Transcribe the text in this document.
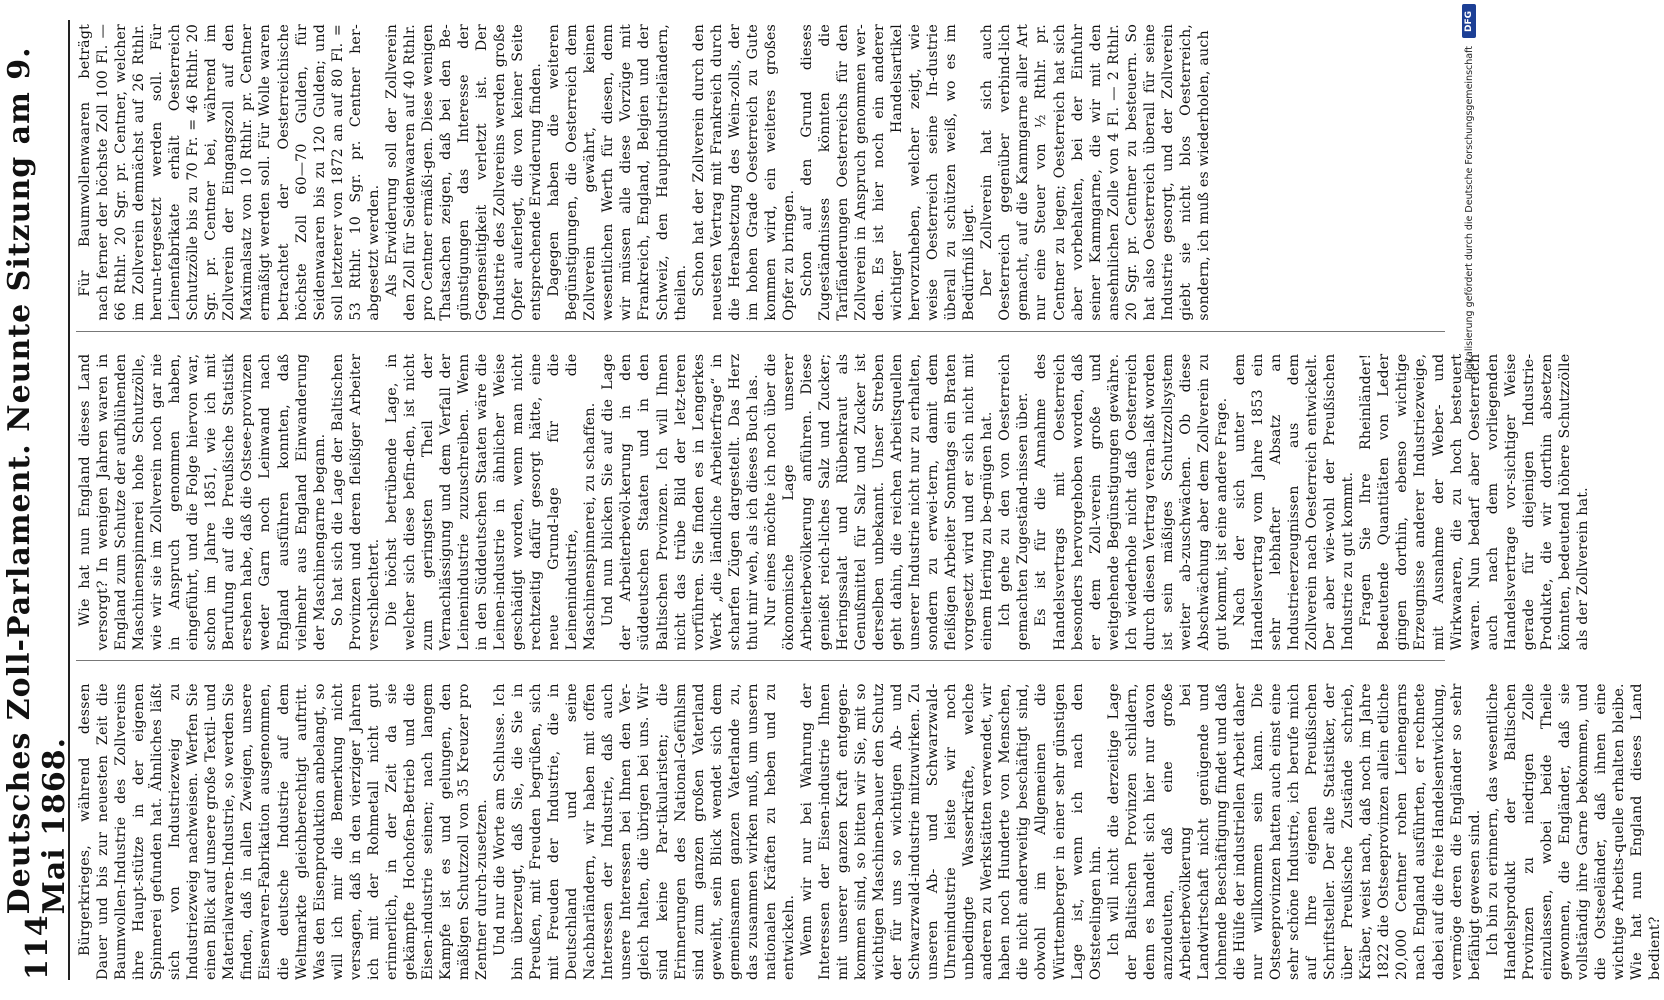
114
Deutsches Zoll-Parlament. Neunte Sitzung am 9. Mai 1868. Bürgerkrieges, während dessen Dauer und bis zur neuesten Zeit die Baumwollen-Industrie des Zollvereins ihre Haupt-stütze in der eigenen Spinnerei gefunden hat. Ähnliches läßt sich von Industriezweig zu Industriezweig nachweisen. Werfen Sie einen Blick auf unsere große Textil- und Materialwaren-Industrie, so werden Sie finden, daß in allen Zweigen, unsere Eisenwaren-Fabrikation ausgenommen, die deutsche Industrie auf dem Weltmarkte gleichberechtigt auftritt. Was den Eisenproduktion anbelangt, so will ich mir die Bemerkung nicht versagen, daß in den vierziger Jahren ich mit der Rohmetall nicht gut erinnerlich, in der Zeit da sie gekämpfte Hochofen-Betrieb und die Eisen-industrie seinen; nach langem Kampfe ist es und gelungen, den mäßigen Schutzzoll von 35 Kreuzer pro Zentner durch-zusetzen. Und nur die Worte am Schlusse. Ich bin überzeugt, daß Sie, die Sie in Preußen, mit Freuden begrüßen, sich mit Freuden der Industrie, die in Deutschland und seine Nachbarländern, wir haben mit offen Interessen der Industrie, daß auch unsere Interessen bei Ihnen den Ver-gleich halten, die übrigen bei uns. Wir sind keine Par-tikularisten; die Erinnerungen des National-Gefühlsm sind zum ganzen großen Vaterland geweiht, sein Blick wendet sich dem gemeinsamen ganzen Vaterlande zu, das zusammen wirken muß, um unsern nationalen Kräften zu heben und zu entwickeln. Wenn wir nur bei Wahrung der Interessen der Eisen-industrie Ihnen mit unserer ganzen Kraft entgegen-kommen sind, so bitten wir Sie, mit so wichtigen Maschinen-bauer den Schutz der für uns so wichtigen Ab- und Schwarzwald-industrie mitzuwirken. Zu unseren Ab- und Schwarzwald-Uhrenindustrie leiste wir noch unbedingte Wasserkräfte, welche anderen zu Werkstätten verwendet, wir haben noch Hunderte von Menschen, die nicht anderweitig beschäftigt sind, obwohl im Allgemeinen die Württemberger in einer sehr günstigen Lage ist, wenn ich nach den Oststeelingen hin. Ich will nicht die derzeitige Lage der Baltischen Provinzen schildern, denn es handelt sich hier nur davon anzudeuten, daß eine große Arbeiterbevölkerung bei Landwirtschaft nicht genügende und lohnende Beschäftigung findet und daß die Hülfe der industriellen Arbeit daher nur willkommen sein kann. Die Ostseeprovinzen hatten auch einst eine sehr schöne Industrie, ich berufe mich auf Ihre eigenen Preußischen Schriftsteller. Der alte Statistiker, der über Preußische Zustände schrieb, Kräber, weist nach, daß noch im Jahre 1822 die Ostseeprovinzen allein etliche 20,000 Centner rohen Leinengarns nach England ausführten, er rechnete dabei auf die freie Handelsentwicklung, vermöge deren die Engländer so sehr befähigt gewesen sind. Ich bin zu erinnern, das wesentliche Handelsprodukt der Baltischen Provinzen zu niedrigen Zolle einzulassen, wobei beide Theile gewonnen, die Engländer, daß sie vollständig ihre Garne bekommen, und die Ostseeländer, daß ihnen eine wichtige Arbeits-quelle erhalten bleibe. Wie hat nun England dieses Land bedient?

Wie hat nun England dieses Land versorgt? In wenigen Jahren waren in England zum Schutze der aufblühenden Maschinenspinnerei hohe Schutzzölle, wie wir sie im Zollverein noch gar nie in Anspruch genommen haben, eingeführt, und die Folge hiervon war, schon im Jahre 1851, wie ich mit Berufung auf die Preußische Statistik ersehen habe, daß die Ostsee-provinzen weder Garn noch Leinwand nach England ausführen konnten, daß vielmehr aus England Einwanderung der Maschinengarne begann. So hat sich die Lage der Baltischen Provinzen und deren fleißiger Arbeiter verschlechtert. Die höchst betrübende Lage, in welcher sich diese befin-den, ist nicht zum geringsten Theil der Vernachlässigung und dem Verfall der Leinenindustrie zuzuschreiben. Wenn in den Süddeutschen Staaten wäre die Leinen-industrie in ähnlicher Weise geschädigt worden, wenn man nicht rechtzeitig dafür gesorgt hätte, eine neue Grund-lage für die Leinenindustrie, die Maschinenspinnerei, zu schaffen. Und nun blicken Sie auf die Lage der Arbeiterbevöl-kerung in den süddeutschen Staaten und in den Baltischen Provinzen. Ich will Ihnen nicht das trübe Bild der letz-teren vorführen. Sie finden es in Lengerkes Werk „die ländliche Arbeiterfrage“ in scharfen Zügen dargestellt. Das Herz thut mir weh, als ich dieses Buch las. Nur eines möchte ich noch über die ökonomische Lage unserer Arbeiterbevölkerung anführen. Diese genießt reich-liches Salz und Zucker; Heringssalat und Rübenkraut als Genußmittel für Salz und Zucker ist derselben unbekannt. Unser Streben geht dahin, die reichen Arbeitsquellen unserer Industrie nicht nur zu erhalten, sondern zu erwei-tern, damit dem fleißigen Arbeiter Sonntags ein Braten vorgesetzt wird und er sich nicht mit einem Hering zu be-gnügen hat. Ich gehe zu den von Oesterreich gemachten Zugeständ-nissen über. Es ist für die Annahme des Handelsvertrags mit Oesterreich besonders hervorgehoben worden, daß er dem Zoll-verein große und weitgehende Begünstigungen gewähre. Ich wiederhole nicht daß Oesterreich durch diesen Vertrag veran-laßt worden ist sein mäßiges Schutzzollsystem weiter ab-zuschwächen. Ob diese Abschwächung aber dem Zollverein zu gut kommt, ist eine andere Frage. Nach der sich unter dem Handelsvertrag vom Jahre 1853 ein sehr lebhafter Absatz an Industrieerzeugnissen aus dem Zollverein nach Oesterreich entwickelt. Der aber wie-wohl der Preußischen Industrie zu gut kommt. Fragen Sie Ihre Rheinländer! Bedeutende Quantitäten von Leder gingen dorthin, ebenso wichtige Erzeugnisse anderer Industriezweige, mit Ausnahme der Weber- und Wirkwaaren, die zu hoch besteuert waren. Nun bedarf aber Oesterreich auch nach dem vorliegenden Handelsvertrage vor-sichtiger Weise gerade für diejenigen Industrie-Produkte, die wir dorthin absetzen könnten, bedeutend höhere Schutzzölle als der Zollverein hat.

Für Baumwollenwaaren beträgt nach ferner der höchste Zoll 100 Fl. — 66 Rthlr. 20 Sgr. pr. Centner, welcher im Zollverein demnächst auf 26 Rthlr. herun-tergesetzt werden soll. Für Leinenfabrikate erhält Oesterreich Schutzzölle bis zu 70 Fr. = 46 Rthlr. 20 Sgr. pr. Centner bei, während im Zollverein der Eingangszoll auf den Maximalsatz von 10 Rthlr. pr. Centner ermäßigt werden soll. Für Wolle waren betrachtet der Oesterreichische höchste Zoll 60—70 Gulden, für Seidenwaaren bis zu 120 Gulden; und soll letzterer von 1872 an auf 80 Fl. = 53 Rthlr. 10 Sgr. pr. Centner her-abgesetzt werden. Als Erwiderung soll der Zollverein den Zoll für Seidenwaaren auf 40 Rthlr. pro Centner ermäßi-gen. Diese wenigen Thatsachen zeigen, daß bei den Be-günstigungen das Interesse der Gegenseitigkeit verletzt ist. Der Industrie des Zollvereins werden große Opfer auferlegt, die von keiner Seite entsprechende Erwiderung finden. Dagegen haben die weiteren Begünstigungen, die Oesterreich dem Zollverein gewährt, keinen wesentlichen Werth für diesen, denn wir müssen alle diese Vorzüge mit Frankreich, England, Belgien und der Schweiz, den Hauptindustrieländern, theilen. Schon hat der Zollverein durch den neuesten Vertrag mit Frankreich durch die Herabsetzung des Wein-zolls, der im hohen Grade Oesterreich zu Gute kommen wird, ein weiteres großes Opfer zu bringen. Schon auf den Grund dieses Zugeständnisses könnten die Tarifänderungen Oesterreichs für den Zollverein in Anspruch genommen wer-den. Es ist hier noch ein anderer wichtiger Handelsartikel hervorzuheben, welcher zeigt, wie weise Oesterreich seine In-dustrie überall zu schützen weiß, wo es im Bedürfniß liegt. Der Zollverein hat sich auch Oesterreich gegenüber verbind-lich gemacht, auf die Kammgarne aller Art nur eine Steuer von ½ Rthlr. pr. Centner zu legen; Oesterreich hat sich aber vorbehalten, bei der Einfuhr seiner Kammgarne, die wir mit den ansehnlichen Zolle von 4 Fl. — 2 Rthlr. 20 Sgr. pr. Centner zu besteuern. So hat also Oesterreich überall für seine Industrie gesorgt, und der Zollverein giebt sie nicht blos Oesterreich, sondern, ich muß es wiederholen, auch

DFG
Digitalisierung gefördert durch die Deutsche Forschungsgemeinschaft
